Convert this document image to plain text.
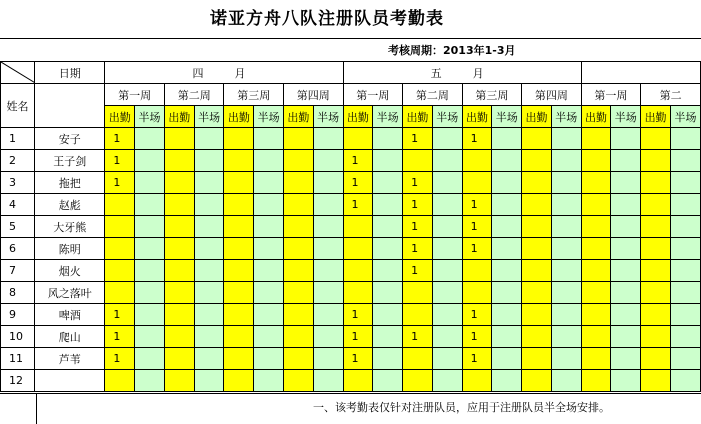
诺亚方舟八队注册队员考勤表
考核周期：2013年1-3月
	日期	四　月								五　月											
姓名		第一周		第二周		第三周		第四周		第一周		第二周		第三周		第四周		第一周		第二	
		出勤	半场	出勤	半场	出勤	半场	出勤	半场	出勤	半场	出勤	半场	出勤	半场	出勤	半场	出勤	半场	出勤	半场
1	安子	1										1		1							
2	王子剑	1								1											
3	拖把	1								1		1									
4	赵彪									1		1		1							
5	大牙熊											1		1							
6	陈明											1		1							
7	烟火											1									
8	风之落叶																				
9	啤酒	1								1				1							
10	爬山	1								1		1		1							
11	芦苇	1								1				1							
12																					
一、该考勤表仅针对注册队员，应用于注册队员半全场安排。
